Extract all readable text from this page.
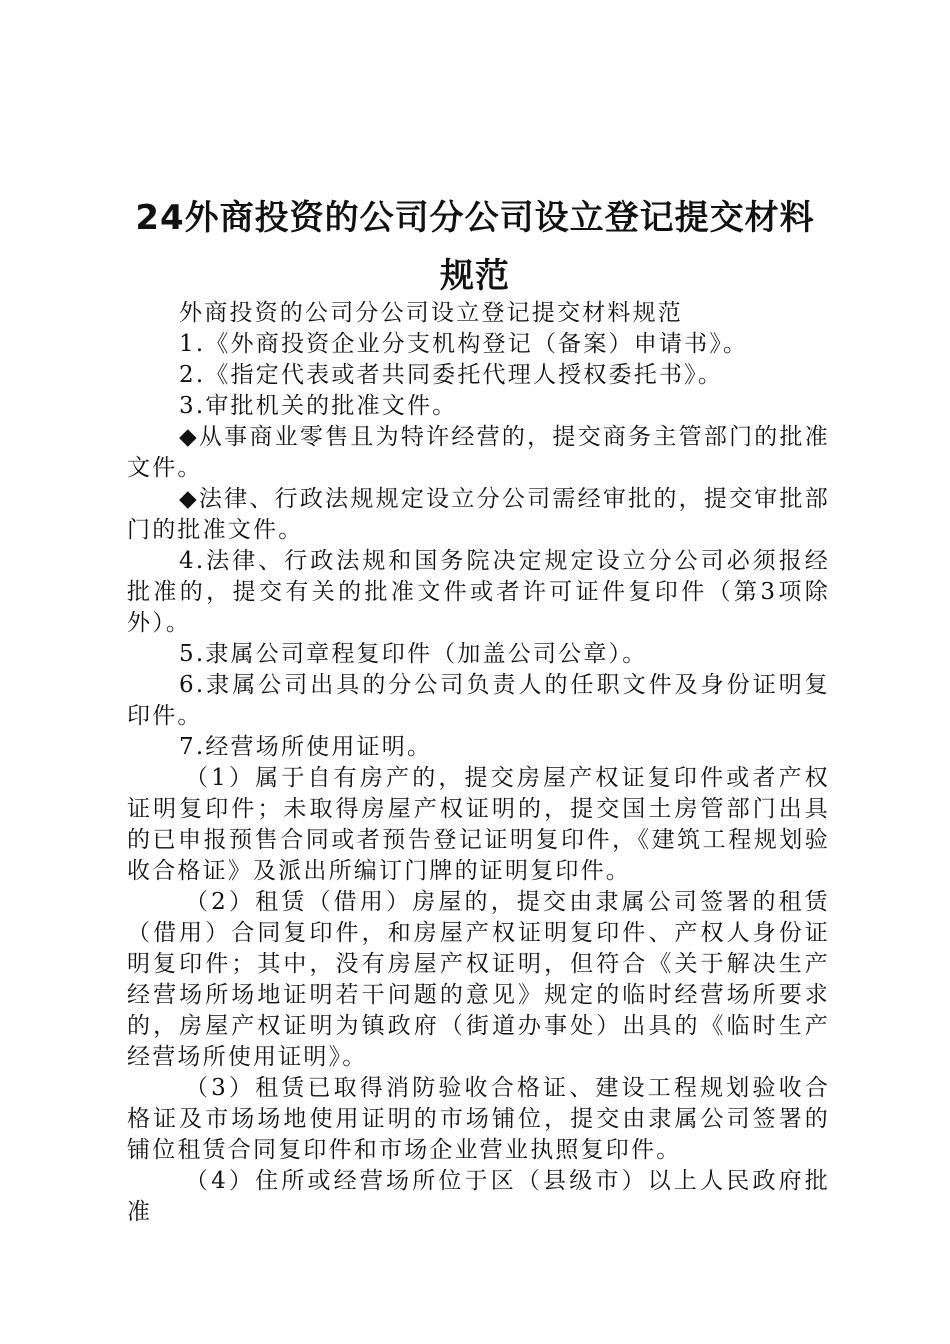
24外商投资的公司分公司设立登记提交材料
规范

外商投资的公司分公司设立登记提交材料规范

1.《外商投资企业分支机构登记（备案）申请书》。

2.《指定代表或者共同委托代理人授权委托书》。

3.审批机关的批准文件。

◆从事商业零售且为特许经营的，提交商务主管部门的批准文件。

◆法律、行政法规规定设立分公司需经审批的，提交审批部门的批准文件。

4.法律、行政法规和国务院决定规定设立分公司必须报经批准的，提交有关的批准文件或者许可证件复印件（第3项除外）。

5.隶属公司章程复印件（加盖公司公章）。

6.隶属公司出具的分公司负责人的任职文件及身份证明复印件。

7.经营场所使用证明。

（1）属于自有房产的，提交房屋产权证复印件或者产权证明复印件；未取得房屋产权证明的，提交国土房管部门出具的已申报预售合同或者预告登记证明复印件，《建筑工程规划验收合格证》及派出所编订门牌的证明复印件。

（2）租赁（借用）房屋的，提交由隶属公司签署的租赁（借用）合同复印件，和房屋产权证明复印件、产权人身份证明复印件；其中，没有房屋产权证明，但符合《关于解决生产经营场所场地证明若干问题的意见》规定的临时经营场所要求的，房屋产权证明为镇政府（街道办事处）出具的《临时生产经营场所使用证明》。

（3）租赁已取得消防验收合格证、建设工程规划验收合格证及市场场地使用证明的市场铺位，提交由隶属公司签署的铺位租赁合同复印件和市场企业营业执照复印件。

（4）住所或经营场所位于区（县级市）以上人民政府批准
